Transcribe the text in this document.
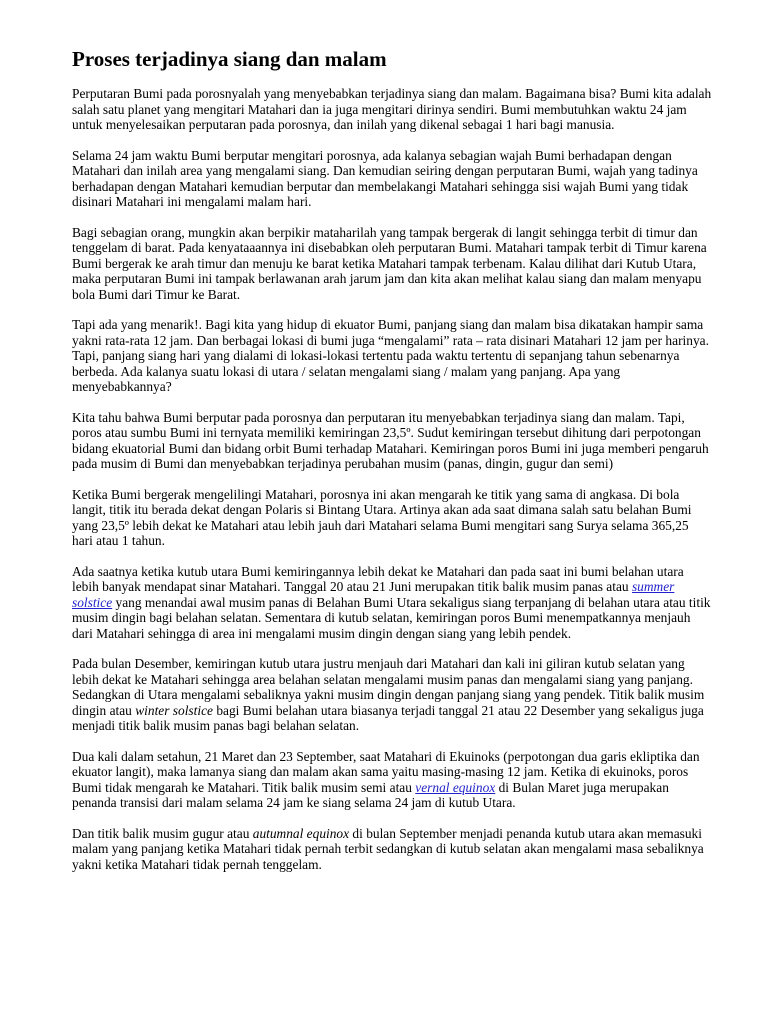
Proses terjadinya siang dan malam

Perputaran Bumi pada porosnyalah yang menyebabkan terjadinya siang dan malam. Bagaimana bisa? Bumi kita adalah salah satu planet yang mengitari Matahari dan ia juga mengitari dirinya sendiri. Bumi membutuhkan waktu 24 jam untuk menyelesaikan perputaran pada porosnya, dan inilah yang dikenal sebagai 1 hari bagi manusia.

Selama 24 jam waktu Bumi berputar mengitari porosnya, ada kalanya sebagian wajah Bumi berhadapan dengan Matahari dan inilah area yang mengalami siang. Dan kemudian seiring dengan perputaran Bumi, wajah yang tadinya berhadapan dengan Matahari kemudian berputar dan membelakangi Matahari sehingga sisi wajah Bumi yang tidak disinari Matahari ini mengalami malam hari.

Bagi sebagian orang, mungkin akan berpikir mataharilah yang tampak bergerak di langit sehingga terbit di timur dan tenggelam di barat. Pada kenyataaannya ini disebabkan oleh perputaran Bumi. Matahari tampak terbit di Timur karena Bumi bergerak ke arah timur dan menuju ke barat ketika Matahari tampak terbenam. Kalau dilihat dari Kutub Utara, maka perputaran Bumi ini tampak berlawanan arah jarum jam dan kita akan melihat kalau siang dan malam menyapu bola Bumi dari Timur ke Barat.

Tapi ada yang menarik!. Bagi kita yang hidup di ekuator Bumi, panjang siang dan malam bisa dikatakan hampir sama yakni rata-rata 12 jam. Dan berbagai lokasi di bumi juga “mengalami” rata – rata disinari Matahari 12 jam per harinya. Tapi, panjang siang hari yang dialami di lokasi-lokasi tertentu pada waktu tertentu di sepanjang tahun sebenarnya berbeda. Ada kalanya suatu lokasi di utara / selatan mengalami siang / malam yang panjang. Apa yang menyebabkannya?

Kita tahu bahwa Bumi berputar pada porosnya dan perputaran itu menyebabkan terjadinya siang dan malam. Tapi, poros atau sumbu Bumi ini ternyata memiliki kemiringan 23,5º. Sudut kemiringan tersebut dihitung dari perpotongan bidang ekuatorial Bumi dan bidang orbit Bumi terhadap Matahari. Kemiringan poros Bumi ini juga memberi pengaruh pada musim di Bumi dan menyebabkan terjadinya perubahan musim (panas, dingin, gugur dan semi)

Ketika Bumi bergerak mengelilingi Matahari, porosnya ini akan mengarah ke titik yang sama di angkasa. Di bola langit, titik itu berada dekat dengan Polaris si Bintang Utara. Artinya akan ada saat dimana salah satu belahan Bumi yang 23,5º lebih dekat ke Matahari atau lebih jauh dari Matahari selama Bumi mengitari sang Surya selama 365,25 hari atau 1 tahun.

Ada saatnya ketika kutub utara Bumi kemiringannya lebih dekat ke Matahari dan pada saat ini bumi belahan utara lebih banyak mendapat sinar Matahari. Tanggal 20 atau 21 Juni merupakan titik balik musim panas atau summer solstice yang menandai awal musim panas di Belahan Bumi Utara sekaligus siang terpanjang di belahan utara atau titik musim dingin bagi belahan selatan. Sementara di kutub selatan, kemiringan poros Bumi menempatkannya menjauh dari Matahari sehingga di area ini mengalami musim dingin dengan siang yang lebih pendek.

Pada bulan Desember, kemiringan kutub utara justru menjauh dari Matahari dan kali ini giliran kutub selatan yang lebih dekat ke Matahari sehingga area belahan selatan mengalami musim panas dan mengalami siang yang panjang. Sedangkan di Utara mengalami sebaliknya yakni musim dingin dengan panjang siang yang pendek. Titik balik musim dingin atau winter solstice bagi Bumi belahan utara biasanya terjadi tanggal 21 atau 22 Desember yang sekaligus juga menjadi titik balik musim panas bagi belahan selatan.

Dua kali dalam setahun, 21 Maret dan 23 September, saat Matahari di Ekuinoks (perpotongan dua garis ekliptika dan ekuator langit), maka lamanya siang dan malam akan sama yaitu masing-masing 12 jam. Ketika di ekuinoks, poros Bumi tidak mengarah ke Matahari. Titik balik musim semi atau vernal equinox di Bulan Maret juga merupakan penanda transisi dari malam selama 24 jam ke siang selama 24 jam di kutub Utara.

Dan titik balik musim gugur atau autumnal equinox di bulan September menjadi penanda kutub utara akan memasuki malam yang panjang ketika Matahari tidak pernah terbit sedangkan di kutub selatan akan mengalami masa sebaliknya yakni ketika Matahari tidak pernah tenggelam.
